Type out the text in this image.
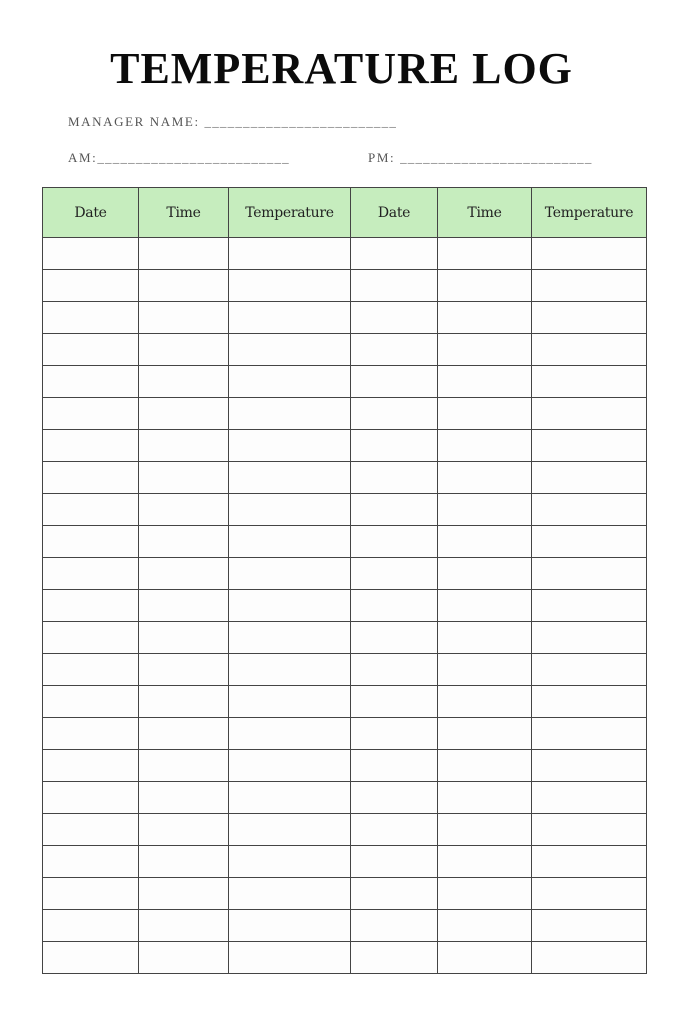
TEMPERATURE LOG
MANAGER NAME: _________________________
AM:_________________________	PM: _________________________
Date	Time	Temperature	Date	Time	Temperature
